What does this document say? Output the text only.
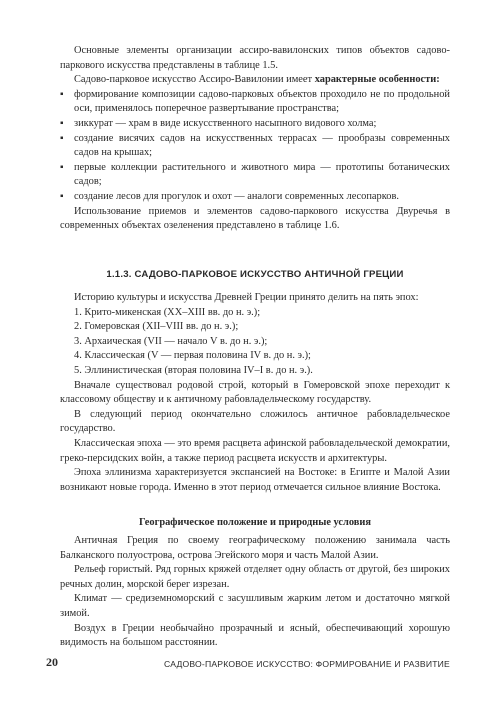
Основные элементы организации ассиро-вавилонских типов объектов садово-паркового искусства представлены в таблице 1.5.

Садово-парковое искусство Ассиро-Вавилонии имеет характерные особенности:

▪ формирование композиции садово-парковых объектов проходило не по продольной оси, применялось поперечное развертывание пространства;
▪ зиккурат — храм в виде искусственного насыпного видового холма;
▪ создание висячих садов на искусственных террасах — прообразы современных садов на крышах;
▪ первые коллекции растительного и животного мира — прототипы ботанических садов;
▪ создание лесов для прогулок и охот — аналоги современных лесопарков.

Использование приемов и элементов садово-паркового искусства Двуречья в современных объектах озеленения представлено в таблице 1.6.

1.1.3. САДОВО-ПАРКОВОЕ ИСКУССТВО АНТИЧНОЙ ГРЕЦИИ

Историю культуры и искусства Древней Греции принято делить на пять эпох:

1. Крито-микенская (XX–XIII вв. до н. э.);
2. Гомеровская (XII–VIII вв. до н. э.);
3. Архаическая (VII — начало V в. до н. э.);
4. Классическая (V — первая половина IV в. до н. э.);
5. Эллинистическая (вторая половина IV–I в. до н. э.).

Вначале существовал родовой строй, который в Гомеровской эпохе переходит к классовому обществу и к античному рабовладельческому государству.

В следующий период окончательно сложилось античное рабовладельческое государство.

Классическая эпоха — это время расцвета афинской рабовладельческой демократии, греко-персидских войн, а также период расцвета искусств и архитектуры.

Эпоха эллинизма характеризуется экспансией на Востоке: в Египте и Малой Азии возникают новые города. Именно в этот период отмечается сильное влияние Востока.

Географическое положение и природные условия

Античная Греция по своему географическому положению занимала часть Балканского полуострова, острова Эгейского моря и часть Малой Азии.

Рельеф гористый. Ряд горных кряжей отделяет одну область от другой, без широких речных долин, морской берег изрезан.

Климат — средиземноморский с засушливым жарким летом и достаточно мягкой зимой.

Воздух в Греции необычайно прозрачный и ясный, обеспечивающий хорошую видимость на большом расстоянии.

20	САДОВО-ПАРКОВОЕ ИСКУССТВО: ФОРМИРОВАНИЕ И РАЗВИТИЕ
